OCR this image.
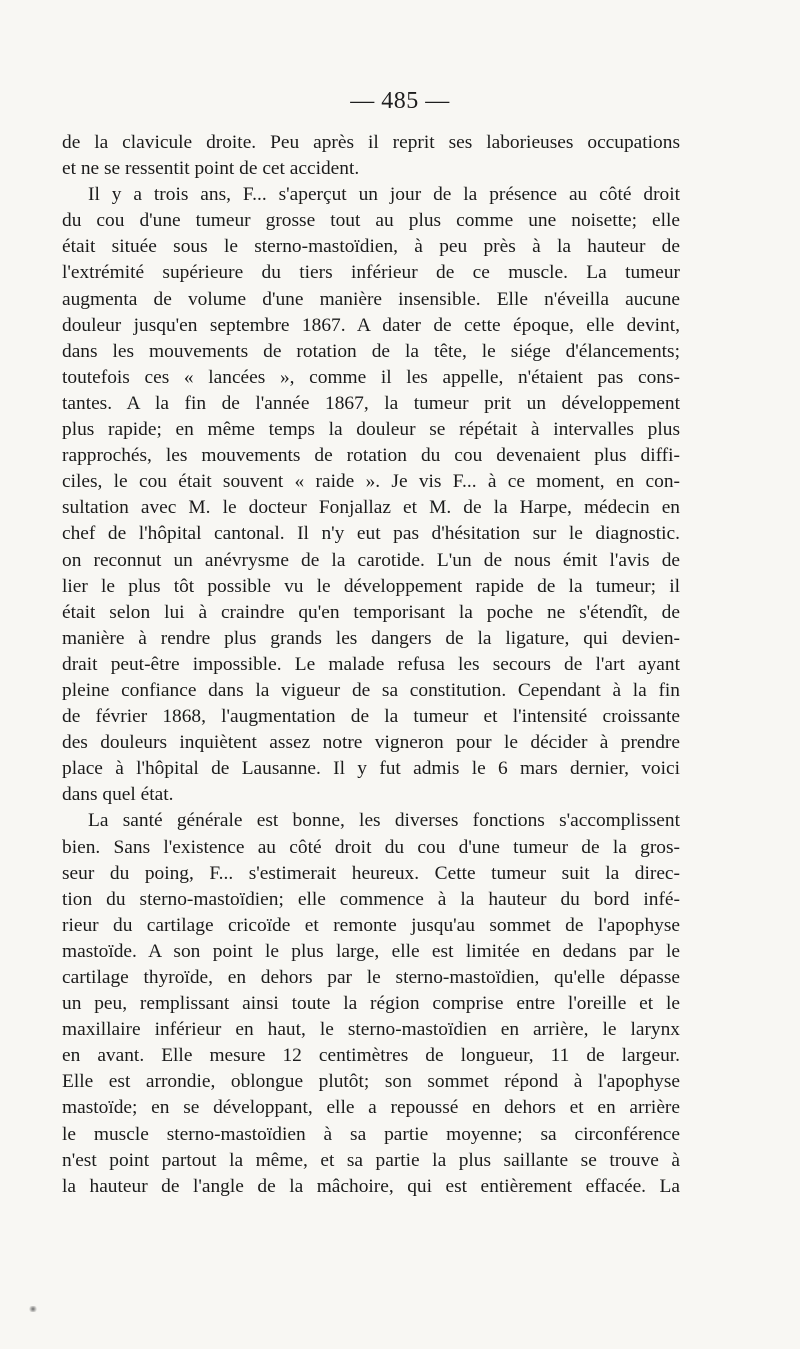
— 485 —
de la clavicule droite. Peu après il reprit ses laborieuses occupations
et ne se ressentit point de cet accident.
Il y a trois ans, F... s'aperçut un jour de la présence au côté droit
du cou d'une tumeur grosse tout au plus comme une noisette; elle
était située sous le sterno-mastoïdien, à peu près à la hauteur de
l'extrémité supérieure du tiers inférieur de ce muscle. La tumeur
augmenta de volume d'une manière insensible. Elle n'éveilla aucune
douleur jusqu'en septembre 1867. A dater de cette époque, elle devint,
dans les mouvements de rotation de la tête, le siége d'élancements;
toutefois ces « lancées », comme il les appelle, n'étaient pas cons-
tantes. A la fin de l'année 1867, la tumeur prit un développement
plus rapide; en même temps la douleur se répétait à intervalles plus
rapprochés, les mouvements de rotation du cou devenaient plus diffi-
ciles, le cou était souvent « raide ». Je vis F... à ce moment, en con-
sultation avec M. le docteur Fonjallaz et M. de la Harpe, médecin en
chef de l'hôpital cantonal. Il n'y eut pas d'hésitation sur le diagnostic.
on reconnut un anévrysme de la carotide. L'un de nous émit l'avis de
lier le plus tôt possible vu le développement rapide de la tumeur; il
était selon lui à craindre qu'en temporisant la poche ne s'étendît, de
manière à rendre plus grands les dangers de la ligature, qui devien-
drait peut-être impossible. Le malade refusa les secours de l'art ayant
pleine confiance dans la vigueur de sa constitution. Cependant à la fin
de février 1868, l'augmentation de la tumeur et l'intensité croissante
des douleurs inquiètent assez notre vigneron pour le décider à prendre
place à l'hôpital de Lausanne. Il y fut admis le 6 mars dernier, voici
dans quel état.
La santé générale est bonne, les diverses fonctions s'accomplissent
bien. Sans l'existence au côté droit du cou d'une tumeur de la gros-
seur du poing, F... s'estimerait heureux. Cette tumeur suit la direc-
tion du sterno-mastoïdien; elle commence à la hauteur du bord infé-
rieur du cartilage cricoïde et remonte jusqu'au sommet de l'apophyse
mastoïde. A son point le plus large, elle est limitée en dedans par le
cartilage thyroïde, en dehors par le sterno-mastoïdien, qu'elle dépasse
un peu, remplissant ainsi toute la région comprise entre l'oreille et le
maxillaire inférieur en haut, le sterno-mastoïdien en arrière, le larynx
en avant. Elle mesure 12 centimètres de longueur, 11 de largeur.
Elle est arrondie, oblongue plutôt; son sommet répond à l'apophyse
mastoïde; en se développant, elle a repoussé en dehors et en arrière
le muscle sterno-mastoïdien à sa partie moyenne; sa circonférence
n'est point partout la même, et sa partie la plus saillante se trouve à
la hauteur de l'angle de la mâchoire, qui est entièrement effacée. La
